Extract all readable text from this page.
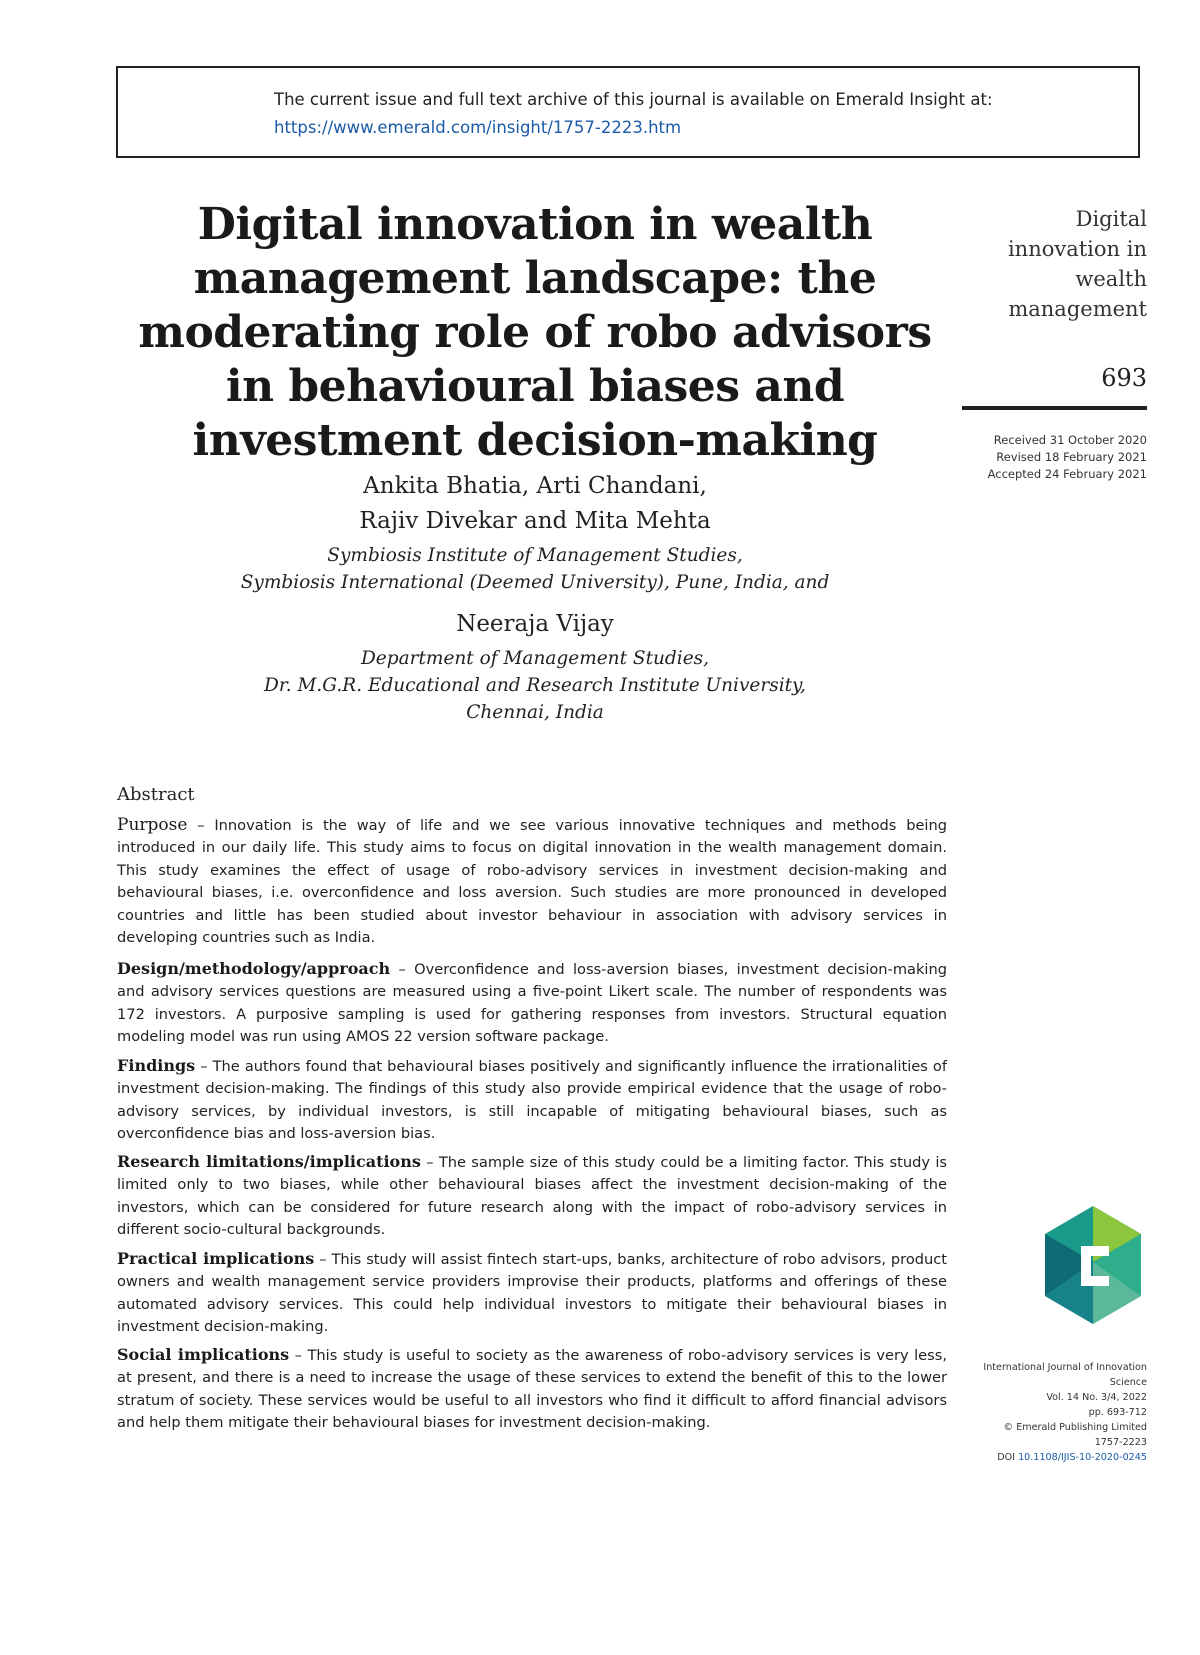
The current issue and full text archive of this journal is available on Emerald Insight at:
https://www.emerald.com/insight/1757-2223.htm
Digital innovation in wealth
management landscape: the
moderating role of robo advisors
in behavioural biases and
investment decision-making
Ankita Bhatia, Arti Chandani,
Rajiv Divekar and Mita Mehta
Symbiosis Institute of Management Studies,
Symbiosis International (Deemed University), Pune, India, and
Neeraja Vijay
Department of Management Studies,
Dr. M.G.R. Educational and Research Institute University,
Chennai, India
Digital
innovation in
wealth
management
693
Received 31 October 2020
Revised 18 February 2021
Accepted 24 February 2021
Abstract
Purpose – Innovation is the way of life and we see various innovative techniques and methods being introduced in our daily life. This study aims to focus on digital innovation in the wealth management domain. This study examines the effect of usage of robo-advisory services in investment decision-making and behavioural biases, i.e. overconfidence and loss aversion. Such studies are more pronounced in developed countries and little has been studied about investor behaviour in association with advisory services in developing countries such as India.
Design/methodology/approach – Overconfidence and loss-aversion biases, investment decision-making and advisory services questions are measured using a five-point Likert scale. The number of respondents was 172 investors. A purposive sampling is used for gathering responses from investors. Structural equation modeling model was run using AMOS 22 version software package.
Findings – The authors found that behavioural biases positively and significantly influence the irrationalities of investment decision-making. The findings of this study also provide empirical evidence that the usage of robo-advisory services, by individual investors, is still incapable of mitigating behavioural biases, such as overconfidence bias and loss-aversion bias.
Research limitations/implications – The sample size of this study could be a limiting factor. This study is limited only to two biases, while other behavioural biases affect the investment decision-making of the investors, which can be considered for future research along with the impact of robo-advisory services in different socio-cultural backgrounds.
Practical implications – This study will assist fintech start-ups, banks, architecture of robo advisors, product owners and wealth management service providers improvise their products, platforms and offerings of these automated advisory services. This could help individual investors to mitigate their behavioural biases in investment decision-making.
Social implications – This study is useful to society as the awareness of robo-advisory services is very less, at present, and there is a need to increase the usage of these services to extend the benefit of this to the lower stratum of society. These services would be useful to all investors who find it difficult to afford financial advisors and help them mitigate their behavioural biases for investment decision-making.
International Journal of Innovation
Science
Vol. 14 No. 3/4, 2022
pp. 693-712
© Emerald Publishing Limited
1757-2223
DOI 10.1108/IJIS-10-2020-0245
